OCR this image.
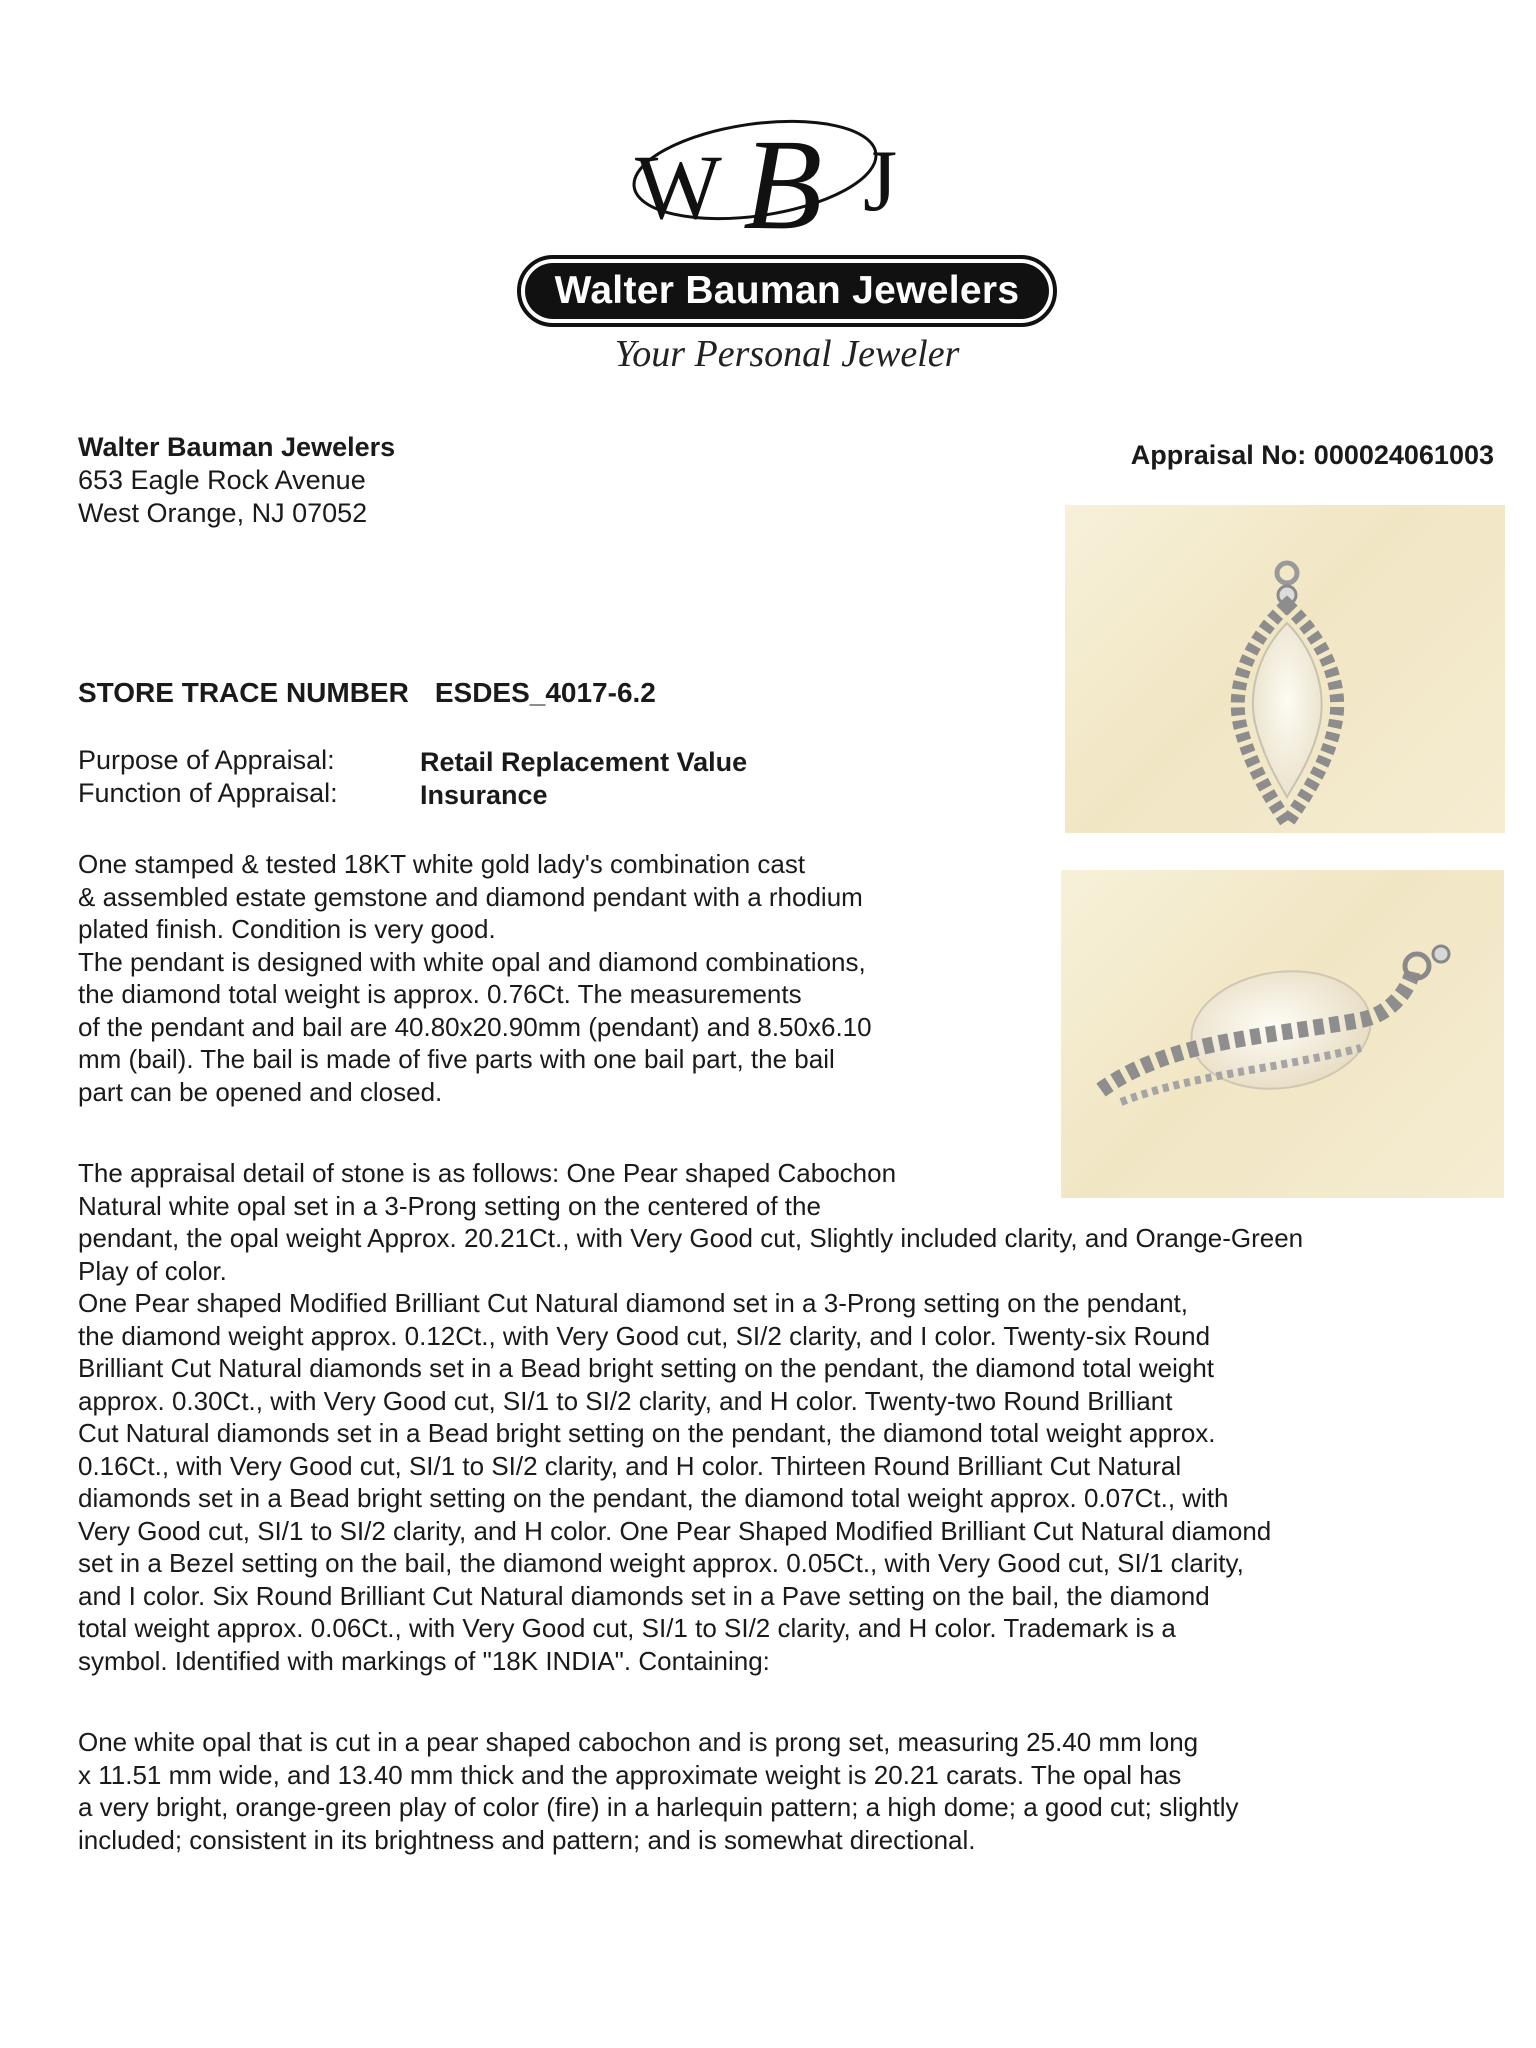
W B J
Walter Bauman Jewelers
Your Personal Jeweler
Walter Bauman Jewelers
653 Eagle Rock Avenue
West Orange, NJ 07052
Appraisal No: 000024061003
STORE TRACE NUMBER ESDES_4017-6.2
Purpose of Appraisal:	Retail Replacement Value
Function of Appraisal:	Insurance
One stamped & tested 18KT white gold lady's combination cast
& assembled estate gemstone and diamond pendant with a rhodium
plated finish. Condition is very good.
The pendant is designed with white opal and diamond combinations,
the diamond total weight is approx. 0.76Ct. The measurements
of the pendant and bail are 40.80x20.90mm (pendant) and 8.50x6.10
mm (bail). The bail is made of five parts with one bail part, the bail
part can be opened and closed.
The appraisal detail of stone is as follows: One Pear shaped Cabochon
Natural white opal set in a 3-Prong setting on the centered of the
pendant, the opal weight Approx. 20.21Ct., with Very Good cut, Slightly included clarity, and Orange-Green
Play of color.
One Pear shaped Modified Brilliant Cut Natural diamond set in a 3-Prong setting on the pendant,
the diamond weight approx. 0.12Ct., with Very Good cut, SI/2 clarity, and I color. Twenty-six Round
Brilliant Cut Natural diamonds set in a Bead bright setting on the pendant, the diamond total weight
approx. 0.30Ct., with Very Good cut, SI/1 to SI/2 clarity, and H color. Twenty-two Round Brilliant
Cut Natural diamonds set in a Bead bright setting on the pendant, the diamond total weight approx.
0.16Ct., with Very Good cut, SI/1 to SI/2 clarity, and H color. Thirteen Round Brilliant Cut Natural
diamonds set in a Bead bright setting on the pendant, the diamond total weight approx. 0.07Ct., with
Very Good cut, SI/1 to SI/2 clarity, and H color. One Pear Shaped Modified Brilliant Cut Natural diamond
set in a Bezel setting on the bail, the diamond weight approx. 0.05Ct., with Very Good cut, SI/1 clarity,
and I color. Six Round Brilliant Cut Natural diamonds set in a Pave setting on the bail, the diamond
total weight approx. 0.06Ct., with Very Good cut, SI/1 to SI/2 clarity, and H color. Trademark is a
symbol. Identified with markings of "18K INDIA". Containing:
One white opal that is cut in a pear shaped cabochon and is prong set, measuring 25.40 mm long
x 11.51 mm wide, and 13.40 mm thick and the approximate weight is 20.21 carats. The opal has
a very bright, orange-green play of color (fire) in a harlequin pattern; a high dome; a good cut; slightly
included; consistent in its brightness and pattern; and is somewhat directional.
